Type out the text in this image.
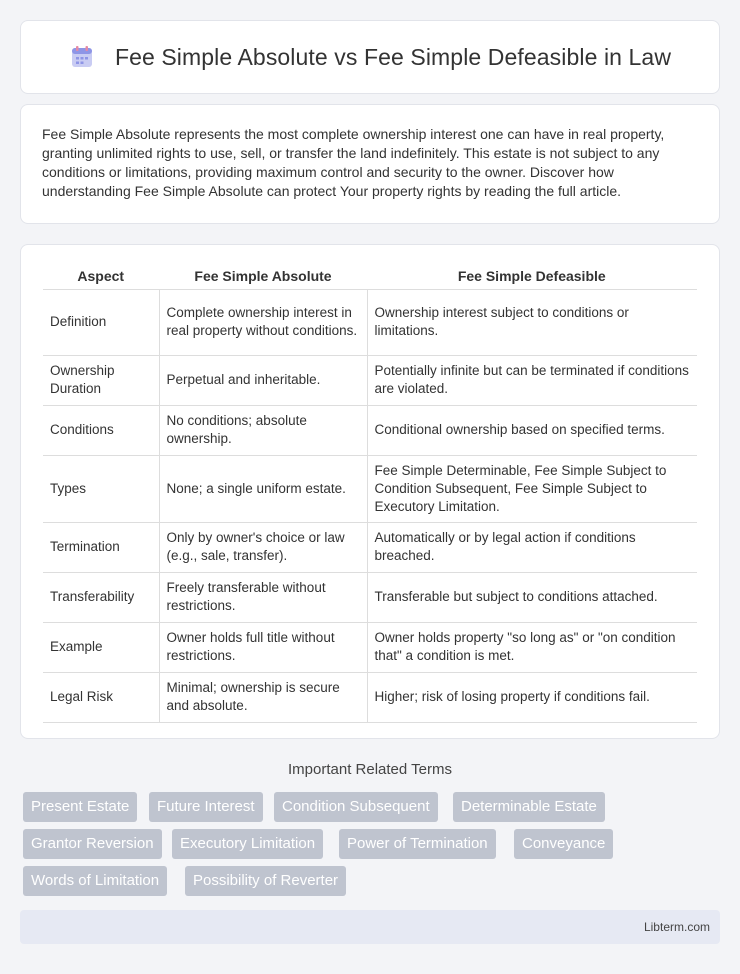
Fee Simple Absolute vs Fee Simple Defeasible in Law

Fee Simple Absolute represents the most complete ownership interest one can have in real property, granting unlimited rights to use, sell, or transfer the land indefinitely. This estate is not subject to any conditions or limitations, providing maximum control and security to the owner. Discover how understanding Fee Simple Absolute can protect Your property rights by reading the full article.

Aspect	Fee Simple Absolute	Fee Simple Defeasible
Definition	Complete ownership interest in real property without conditions.	Ownership interest subject to conditions or limitations.
Ownership Duration	Perpetual and inheritable.	Potentially infinite but can be terminated if conditions are violated.
Conditions	No conditions; absolute ownership.	Conditional ownership based on specified terms.
Types	None; a single uniform estate.	Fee Simple Determinable, Fee Simple Subject to Condition Subsequent, Fee Simple Subject to Executory Limitation.
Termination	Only by owner's choice or law (e.g., sale, transfer).	Automatically or by legal action if conditions breached.
Transferability	Freely transferable without restrictions.	Transferable but subject to conditions attached.
Example	Owner holds full title without restrictions.	Owner holds property "so long as" or "on condition that" a condition is met.
Legal Risk	Minimal; ownership is secure and absolute.	Higher; risk of losing property if conditions fail.
Important Related Terms
Present Estate	Future Interest	Condition Subsequent	Determinable Estate
Grantor Reversion	Executory Limitation	Power of Termination	Conveyance
Words of Limitation	Possibility of Reverter
Libterm.com
